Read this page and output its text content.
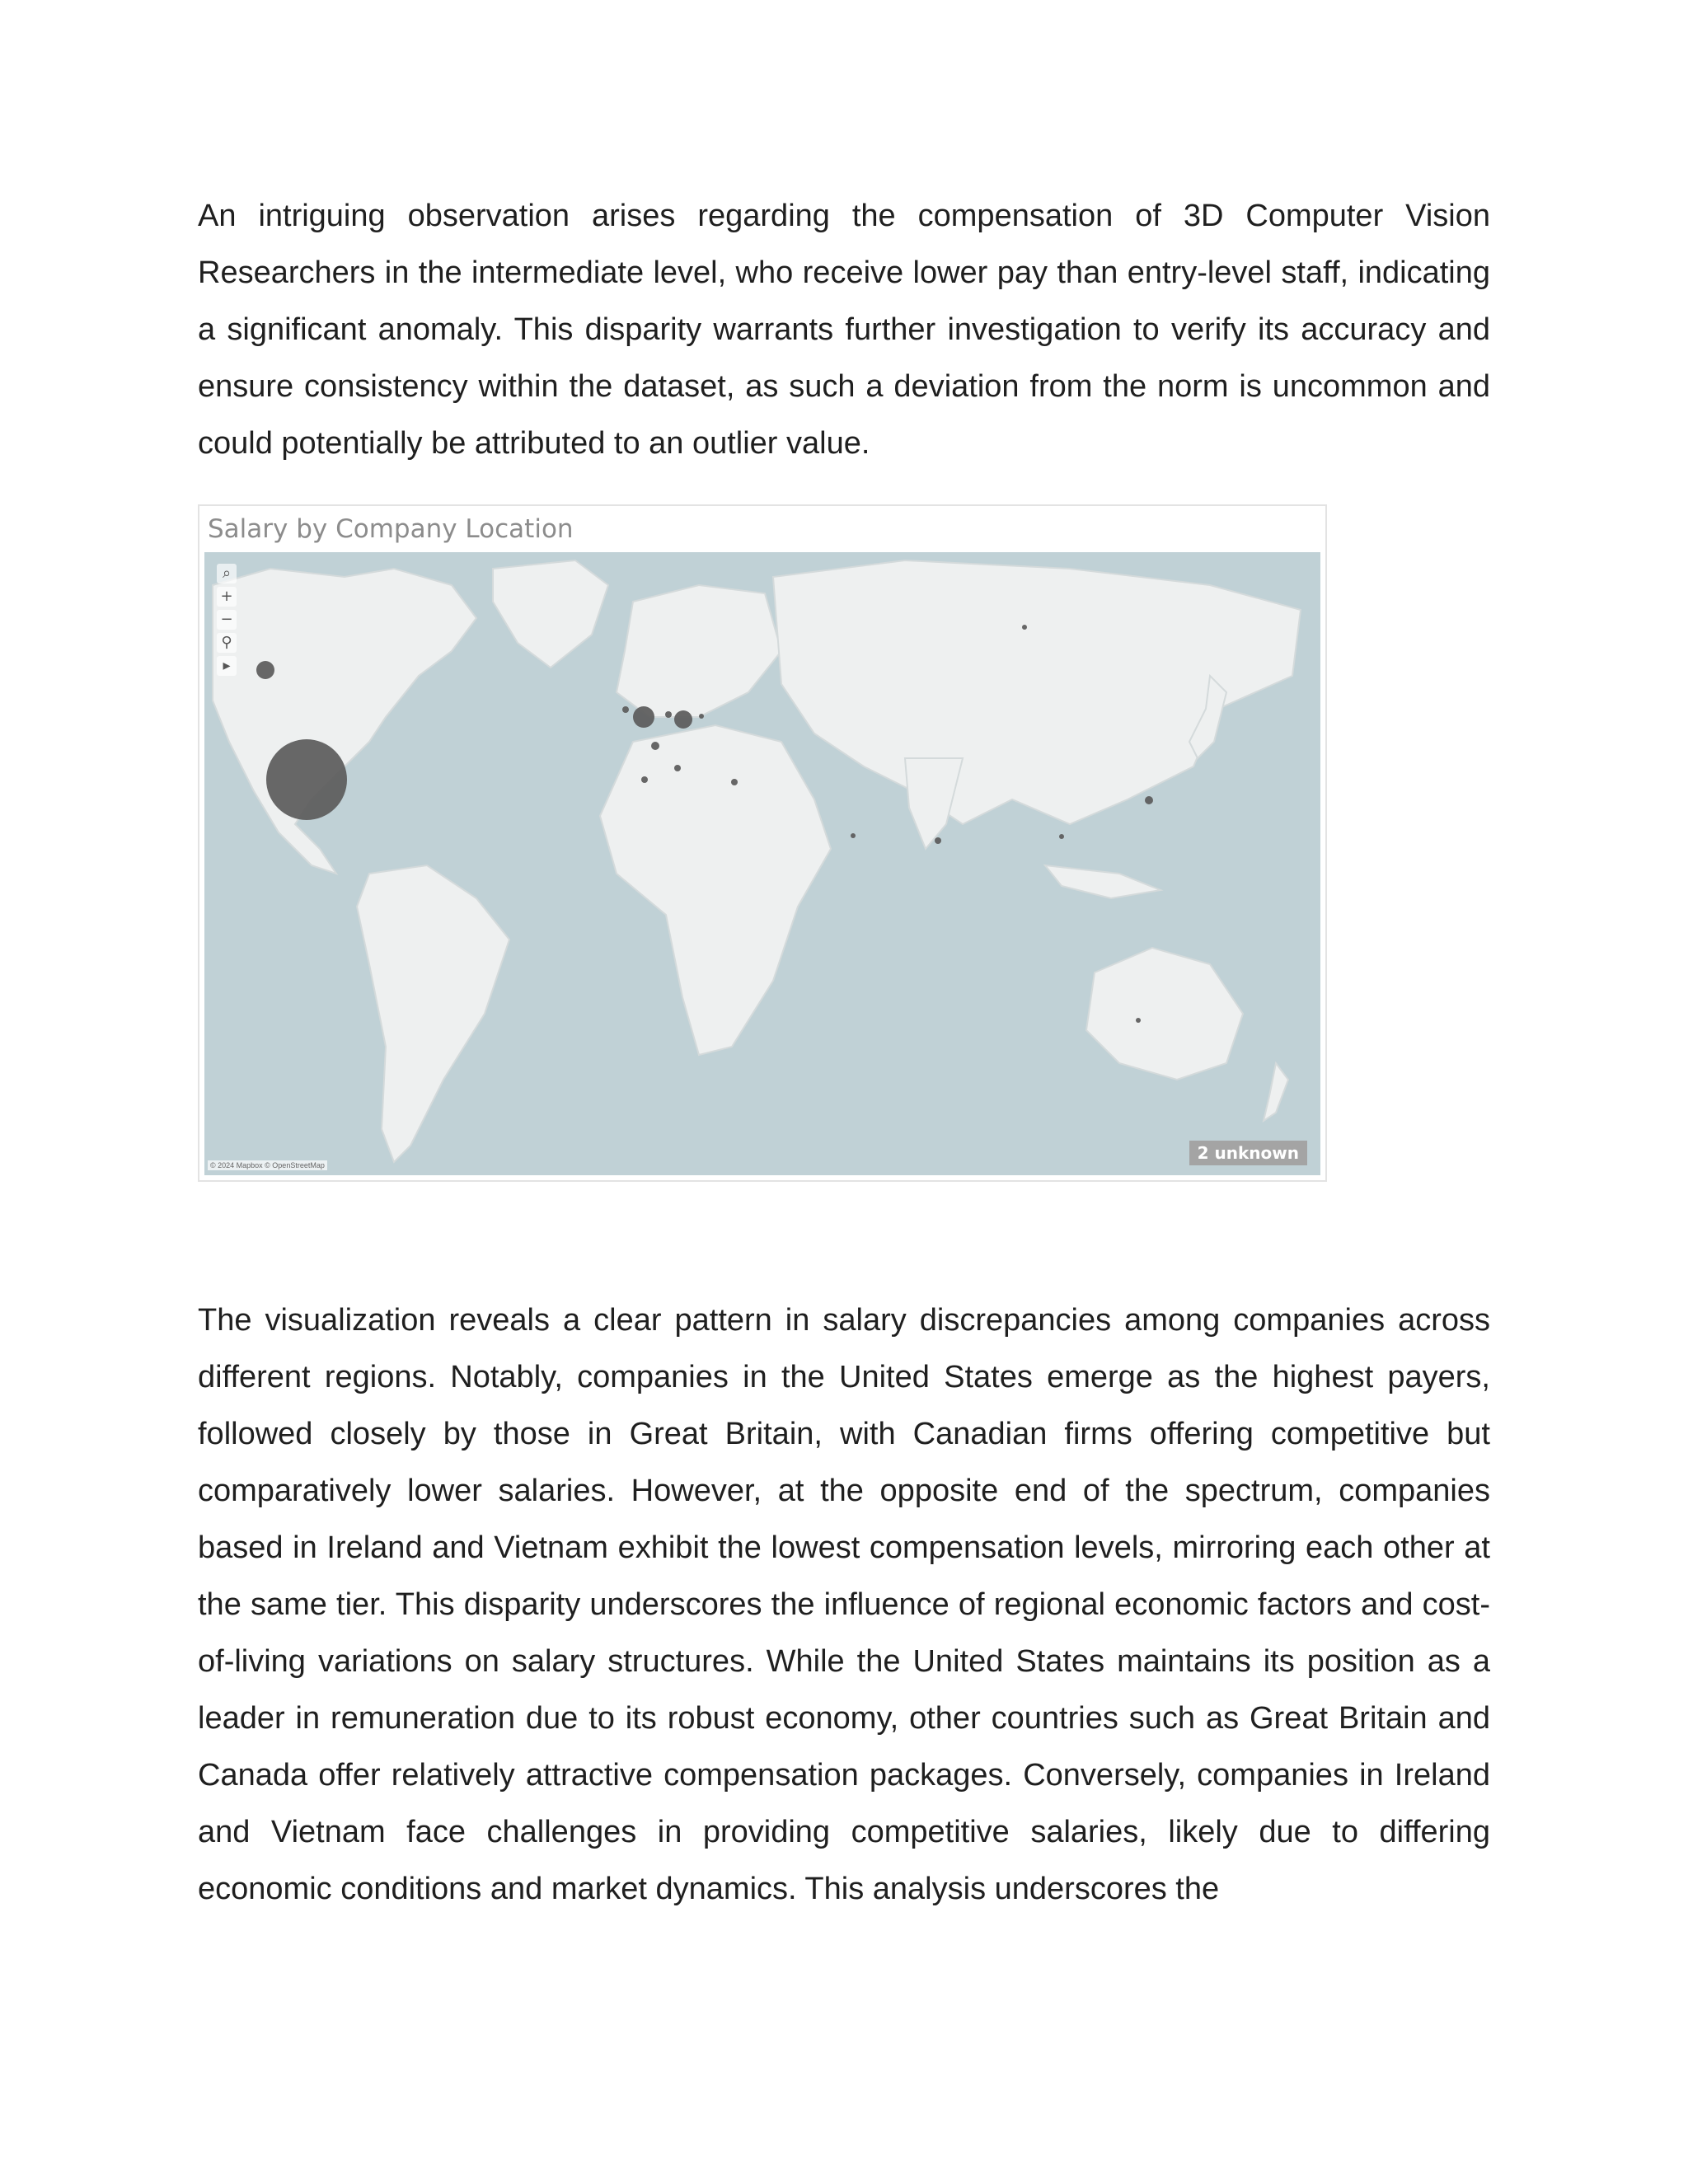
An intriguing observation arises regarding the compensation of 3D Computer Vision Researchers in the intermediate level, who receive lower pay than entry-level staff, indicating a significant anomaly. This disparity warrants further investigation to verify its accuracy and ensure consistency within the dataset, as such a deviation from the norm is uncommon and could potentially be attributed to an outlier value.

Salary by Company Location
⌕
+
−
⚲
▸
© 2024 Mapbox © OpenStreetMap
2 unknown

The visualization reveals a clear pattern in salary discrepancies among companies across different regions. Notably, companies in the United States emerge as the highest payers, followed closely by those in Great Britain, with Canadian firms offering competitive but comparatively lower salaries. However, at the opposite end of the spectrum, companies based in Ireland and Vietnam exhibit the lowest compensation levels, mirroring each other at the same tier. This disparity underscores the influence of regional economic factors and cost-of-living variations on salary structures. While the United States maintains its position as a leader in remuneration due to its robust economy, other countries such as Great Britain and Canada offer relatively attractive compensation packages. Conversely, companies in Ireland and Vietnam face challenges in providing competitive salaries, likely due to differing economic conditions and market dynamics. This analysis underscores the
